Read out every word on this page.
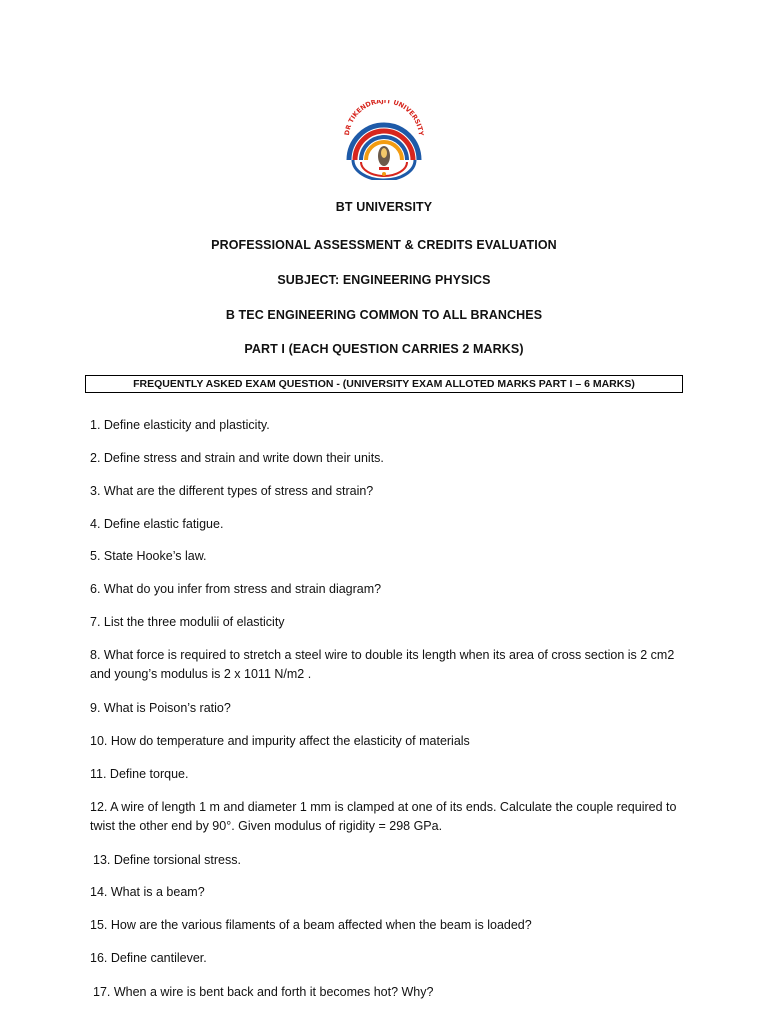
DR TIKENDRAJIT UNIVERSITY
BT UNIVERSITY
PROFESSIONAL ASSESSMENT & CREDITS EVALUATION
SUBJECT: ENGINEERING PHYSICS
B TEC ENGINEERING COMMON TO ALL BRANCHES
PART I (EACH QUESTION CARRIES 2 MARKS)
FREQUENTLY ASKED EXAM QUESTION - (UNIVERSITY EXAM ALLOTED MARKS PART I – 6 MARKS)
1. Define elasticity and plasticity.
2. Define stress and strain and write down their units.
3. What are the different types of stress and strain?
4. Define elastic fatigue.
5. State Hooke’s law.
6. What do you infer from stress and strain diagram?
7. List the three modulii of elasticity
8. What force is required to stretch a steel wire to double its length when its area of cross section is 2 cm2 and young’s modulus is 2 x 1011 N/m2 .
9. What is Poison’s ratio?
10. How do temperature and impurity affect the elasticity of materials
11. Define torque.
12. A wire of length 1 m and diameter 1 mm is clamped at one of its ends. Calculate the couple required to twist the other end by 90°. Given modulus of rigidity = 298 GPa.
13. Define torsional stress.
14. What is a beam?
15. How are the various filaments of a beam affected when the beam is loaded?
16. Define cantilever.
17. When a wire is bent back and forth it becomes hot? Why?
